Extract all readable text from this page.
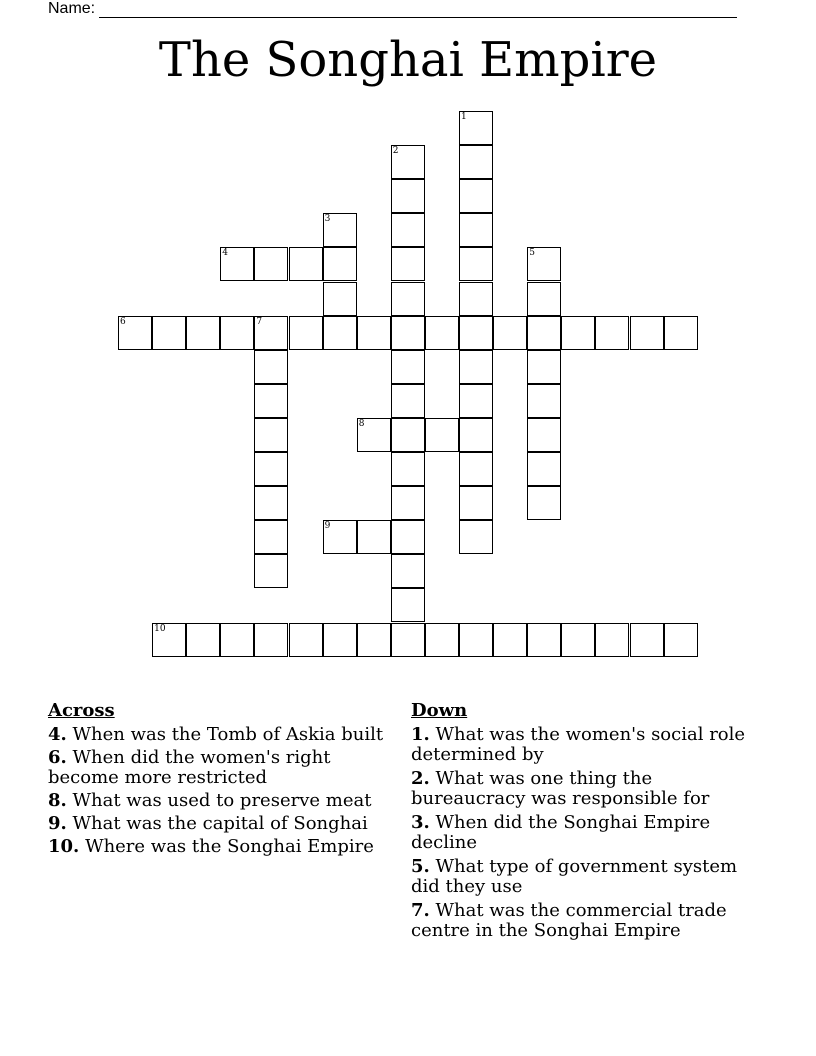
Name:
The Songhai Empire
1
2
3
4	5
6	7
8
9
10
Across
4. When was the Tomb of Askia built
6. When did the women's right become more restricted
8. What was used to preserve meat
9. What was the capital of Songhai
10. Where was the Songhai Empire
Down
1. What was the women's social role determined by
2. What was one thing the bureaucracy was responsible for
3. When did the Songhai Empire decline
5. What type of government system did they use
7. What was the commercial trade centre in the Songhai Empire
